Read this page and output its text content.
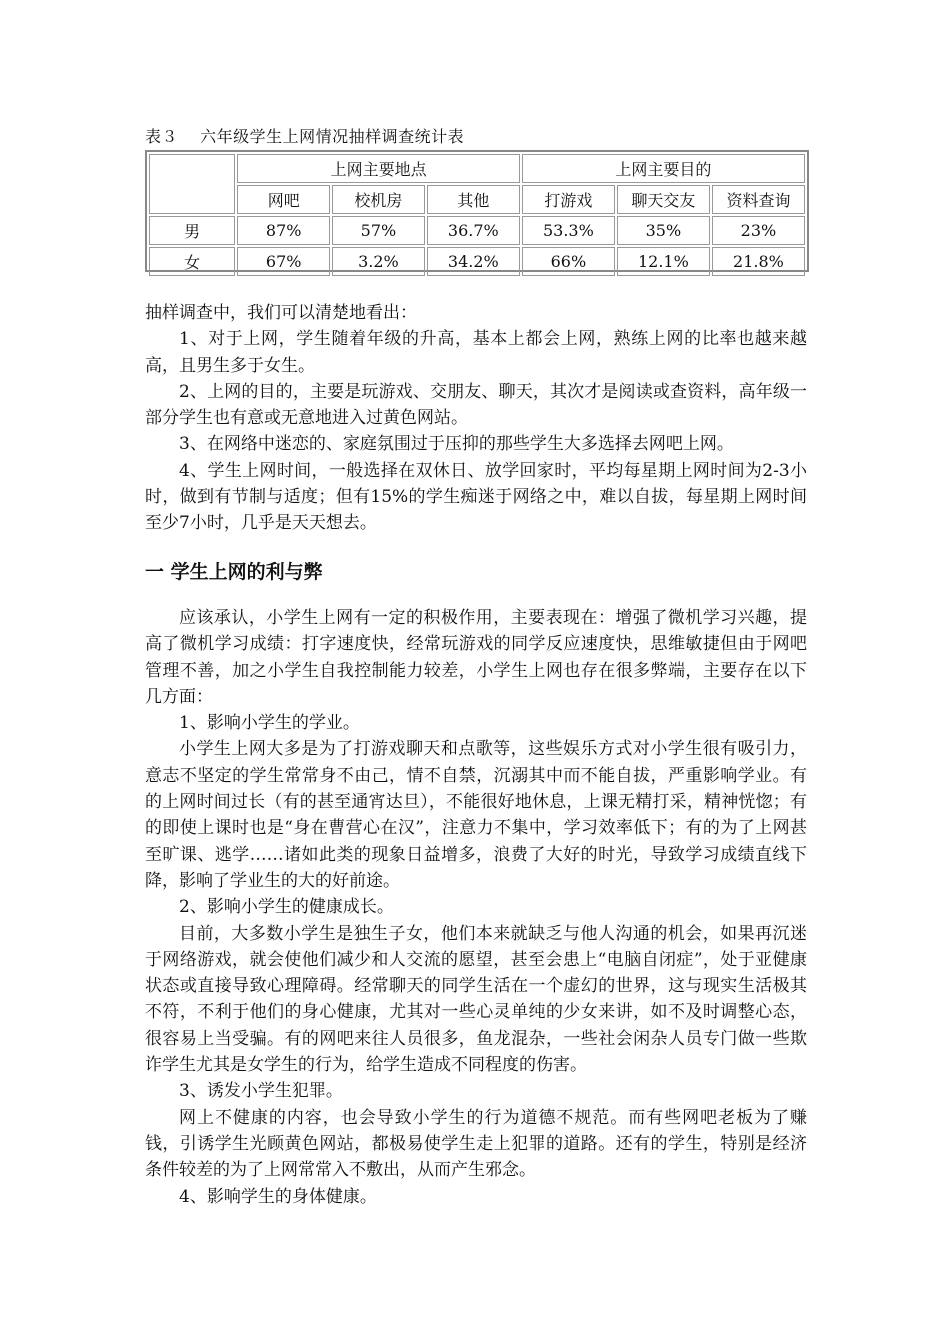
表３　 六年级学生上网情况抽样调查统计表
	上网主要地点			上网主要目的		
	网吧	校机房	其他	打游戏	聊天交友	资料查询
男	87%	57%	36.7%	53.3%	35%	23%
女	67%	3.2%	34.2%	66%	12.1%	21.8%

抽样调查中，我们可以清楚地看出：

1、对于上网，学生随着年级的升高，基本上都会上网，熟练上网的比率也越来越高，且男生多于女生。

2、上网的目的，主要是玩游戏、交朋友、聊天，其次才是阅读或查资料，高年级一部分学生也有意或无意地进入过黄色网站。

3、在网络中迷恋的、家庭氛围过于压抑的那些学生大多选择去网吧上网。

4、学生上网时间，一般选择在双休日、放学回家时，平均每星期上网时间为2-3小时，做到有节制与适度；但有15%的学生痴迷于网络之中，难以自拔，每星期上网时间至少7小时，几乎是天天想去。

一 学生上网的利与弊

应该承认，小学生上网有一定的积极作用，主要表现在：增强了微机学习兴趣，提高了微机学习成绩：打字速度快，经常玩游戏的同学反应速度快，思维敏捷但由于网吧管理不善，加之小学生自我控制能力较差，小学生上网也存在很多弊端，主要存在以下几方面：

1、影响小学生的学业。

小学生上网大多是为了打游戏聊天和点歌等，这些娱乐方式对小学生很有吸引力，意志不坚定的学生常常身不由己，情不自禁，沉溺其中而不能自拔，严重影响学业。有的上网时间过长（有的甚至通宵达旦），不能很好地休息，上课无精打采，精神恍惚；有的即使上课时也是“身在曹营心在汉”，注意力不集中，学习效率低下；有的为了上网甚至旷课、逃学……诸如此类的现象日益增多，浪费了大好的时光，导致学习成绩直线下降，影响了学业生的大的好前途。

2、影响小学生的健康成长。

目前，大多数小学生是独生子女，他们本来就缺乏与他人沟通的机会，如果再沉迷于网络游戏，就会使他们减少和人交流的愿望，甚至会患上“电脑自闭症”，处于亚健康状态或直接导致心理障碍。经常聊天的同学生活在一个虚幻的世界，这与现实生活极其不符，不利于他们的身心健康，尤其对一些心灵单纯的少女来讲，如不及时调整心态，很容易上当受骗。有的网吧来往人员很多，鱼龙混杂，一些社会闲杂人员专门做一些欺诈学生尤其是女学生的行为，给学生造成不同程度的伤害。

3、诱发小学生犯罪。

网上不健康的内容，也会导致小学生的行为道德不规范。而有些网吧老板为了赚钱，引诱学生光顾黄色网站，都极易使学生走上犯罪的道路。还有的学生，特别是经济条件较差的为了上网常常入不敷出，从而产生邪念。

4、影响学生的身体健康。
